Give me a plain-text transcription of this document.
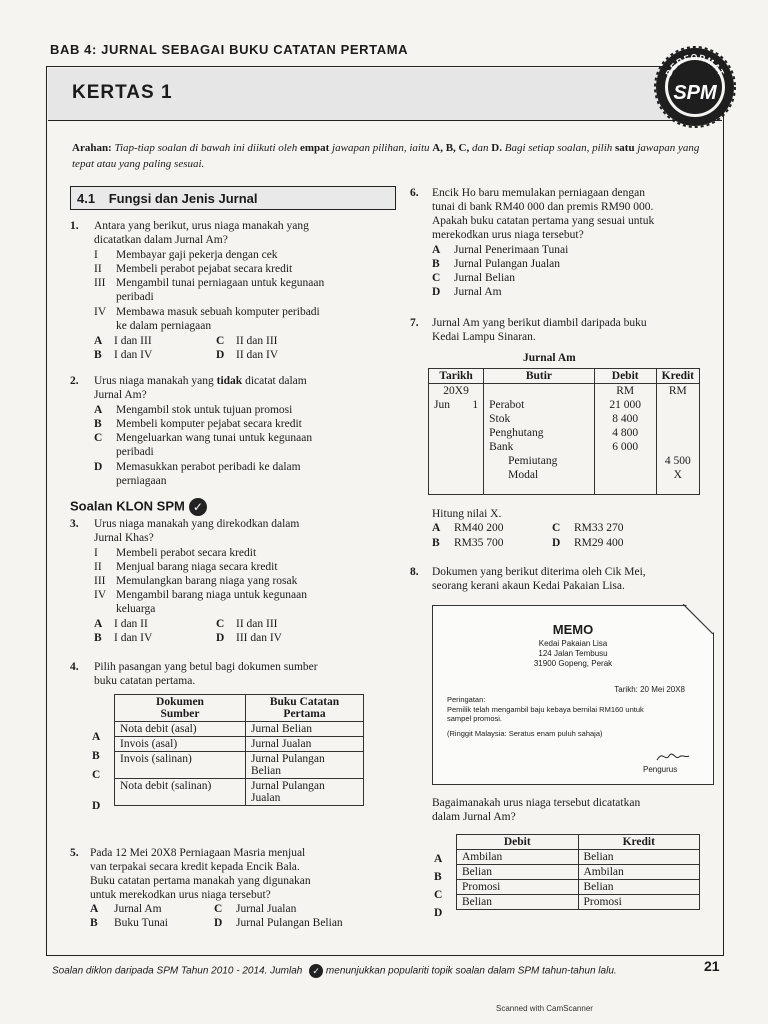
BAB 4: JURNAL SEBAGAI BUKU CATATAN PERTAMA
KERTAS 1
BERFORMAT
SPM
Arahan: Tiap-tiap soalan di bawah ini diikuti oleh empat jawapan pilihan, iaitu A, B, C, dan D. Bagi setiap soalan, pilih satu jawapan yang tepat atau yang paling sesuai.
4.1 Fungsi dan Jenis Jurnal
1. Antara yang berikut, urus niaga manakah yang
dicatatkan dalam Jurnal Am?
I Membayar gaji pekerja dengan cek
II Membeli perabot pejabat secara kredit
III Mengambil tunai perniagaan untuk kegunaan
peribadi
IV Membawa masuk sebuah komputer peribadi
ke dalam perniagaan
A I dan III	C II dan III
B I dan IV	D II dan IV
2. Urus niaga manakah yang tidak dicatat dalam
Jurnal Am?
A Mengambil stok untuk tujuan promosi
B Membeli komputer pejabat secara kredit
C Mengeluarkan wang tunai untuk kegunaan
peribadi
D Memasukkan perabot peribadi ke dalam
perniagaan
Soalan KLON SPM ✓
3. Urus niaga manakah yang direkodkan dalam
Jurnal Khas?
I Membeli perabot secara kredit
II Menjual barang niaga secara kredit
III Memulangkan barang niaga yang rosak
IV Mengambil barang niaga untuk kegunaan
keluarga
A I dan II	C II dan III
B I dan IV	D III dan IV
4. Pilih pasangan yang betul bagi dokumen sumber
buku catatan pertama.
A
B
C
D
Dokumen
Sumber	Buku Catatan
Pertama
Nota debit (asal)	Jurnal Belian
Invois (asal)	Jurnal Jualan
Invois (salinan)	Jurnal Pulangan
Belian
Nota debit (salinan)	Jurnal Pulangan
Jualan
5. Pada 12 Mei 20X8 Perniagaan Masria menjual
van terpakai secara kredit kepada Encik Bala.
Buku catatan pertama manakah yang digunakan
untuk merekodkan urus niaga tersebut?
A Jurnal Am	C Jurnal Jualan
B Buku Tunai	D Jurnal Pulangan Belian
6. Encik Ho baru memulakan perniagaan dengan
tunai di bank RM40 000 dan premis RM90 000.
Apakah buku catatan pertama yang sesuai untuk
merekodkan urus niaga tersebut?
A Jurnal Penerimaan Tunai
B Jurnal Pulangan Jualan
C Jurnal Belian
D Jurnal Am
7. Jurnal Am yang berikut diambil daripada buku
Kedai Lampu Sinaran.
Jurnal Am
Tarikh	Butir	Debit	Kredit
20X9		RM	RM
Jun 1	Perabot	21 000	
	Stok	8 400	
	Penghutang	4 800	
	Bank	6 000	
	Pemiutang		4 500
	Modal		X
Hitung nilai X.
A RM40 200	C RM33 270
B RM35 700	D RM29 400
8. Dokumen yang berikut diterima oleh Cik Mei,
seorang kerani akaun Kedai Pakaian Lisa.
MEMO
Kedai Pakaian Lisa
124 Jalan Tembusu
31900 Gopeng, Perak
Tarikh: 20 Mei 20X8
Peringatan:
Pemilik telah mengambil baju kebaya bernilai RM160 untuk
sampel promosi.
(Ringgit Malaysia: Seratus enam puluh sahaja)
Pengurus
Bagaimanakah urus niaga tersebut dicatatkan
dalam Jurnal Am?
A
B
C
D
Debit	Kredit
Ambilan	Belian
Belian	Ambilan
Promosi	Belian
Belian	Promosi
Soalan diklon daripada SPM Tahun 2010 - 2014. Jumlah ✓ menunjukkan populariti topik soalan dalam SPM tahun-tahun lalu.	21
Scanned with CamScanner
